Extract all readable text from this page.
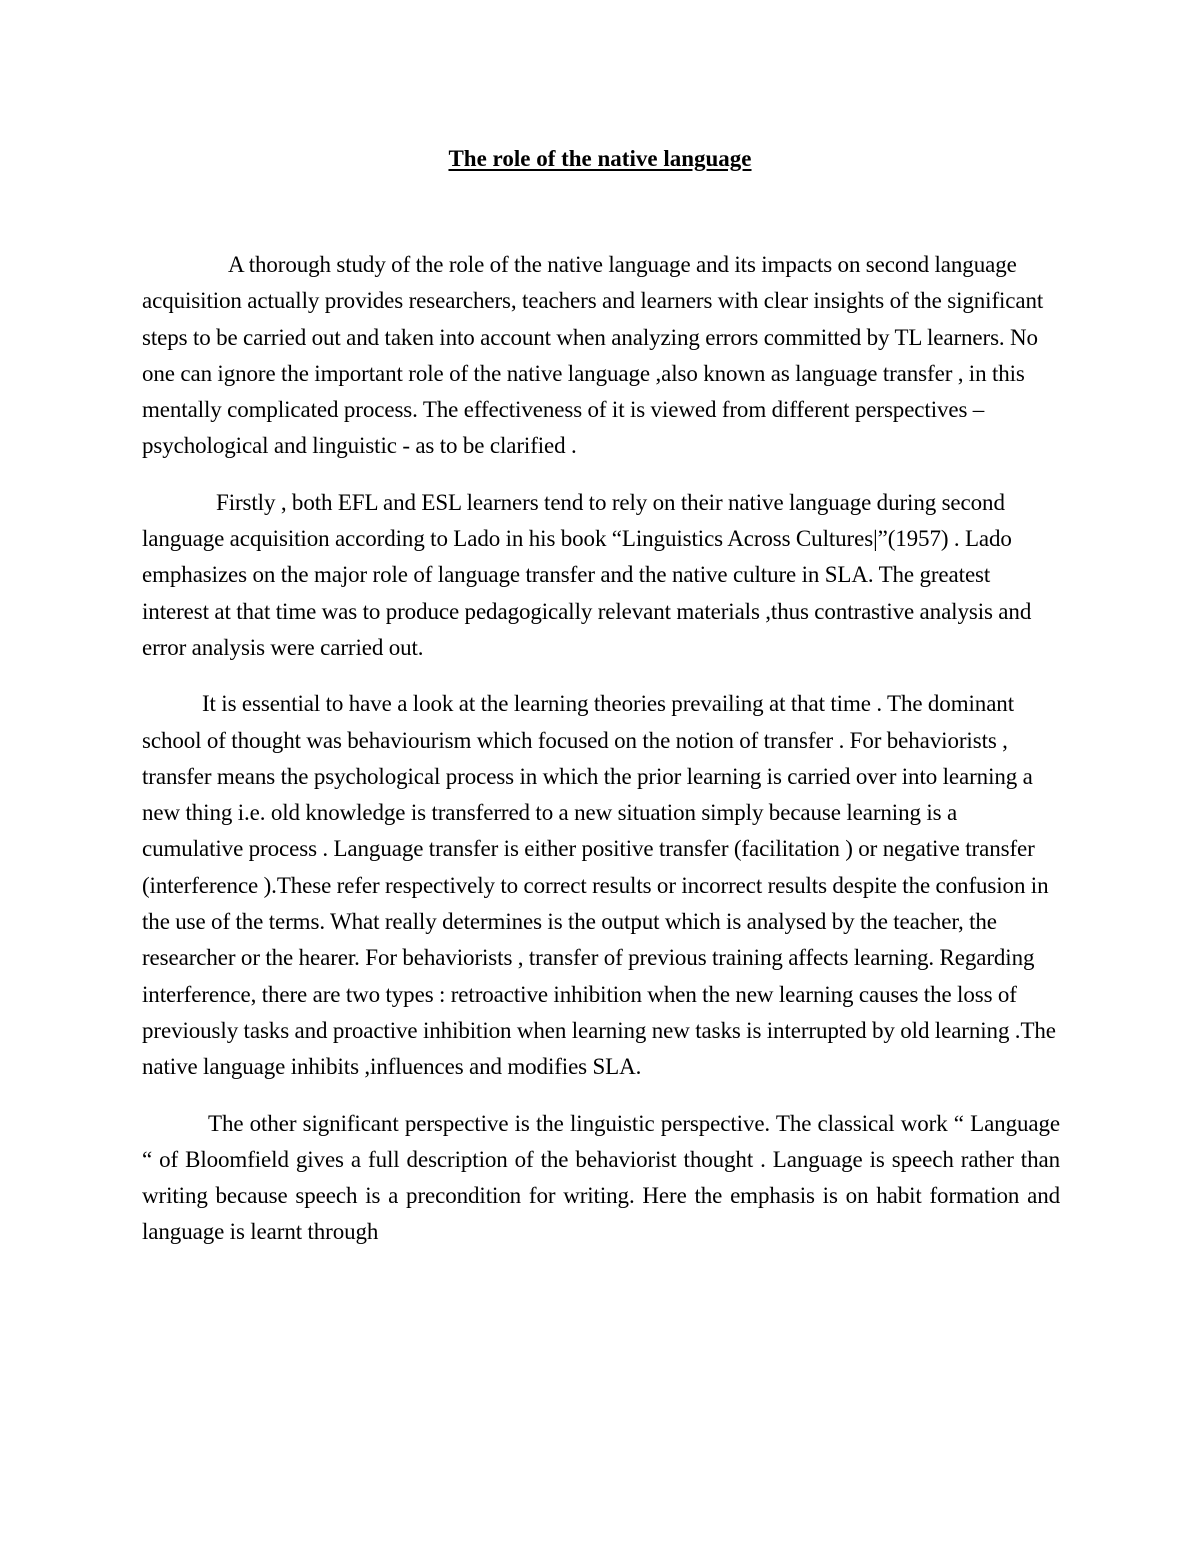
The role of the native language

A thorough study of the role of the native language and its impacts on second language acquisition actually provides researchers, teachers and learners with clear insights of the significant steps to be carried out and taken into account when analyzing errors committed by TL learners. No one can ignore the important role of the native language ,also known as language transfer , in this mentally complicated process. The effectiveness of it is viewed from different perspectives – psychological and linguistic - as to be clarified .

Firstly , both EFL and ESL learners tend to rely on their native language during second language acquisition according to Lado in his book “Linguistics Across Cultures|”(1957) . Lado emphasizes on the major role of language transfer and the native culture in SLA. The greatest interest at that time was to produce pedagogically relevant materials ,thus contrastive analysis and error analysis were carried out.

It is essential to have a look at the learning theories prevailing at that time . The dominant school of thought was behaviourism which focused on the notion of transfer . For behaviorists , transfer means the psychological process in which the prior learning is carried over into learning a new thing i.e. old knowledge is transferred to a new situation simply because learning is a cumulative process . Language transfer is either positive transfer (facilitation ) or negative transfer (interference ).These refer respectively to correct results or incorrect results despite the confusion in the use of the terms. What really determines is the output which is analysed by the teacher, the researcher or the hearer. For behaviorists , transfer of previous training affects learning. Regarding interference, there are two types : retroactive inhibition when the new learning causes the loss of previously tasks and proactive inhibition when learning new tasks is interrupted by old learning .The native language inhibits ,influences and modifies SLA.

The other significant perspective is the linguistic perspective. The classical work “ Language “ of Bloomfield gives a full description of the behaviorist thought . Language is speech rather than writing because speech is a precondition for writing. Here the emphasis is on habit formation and language is learnt through
